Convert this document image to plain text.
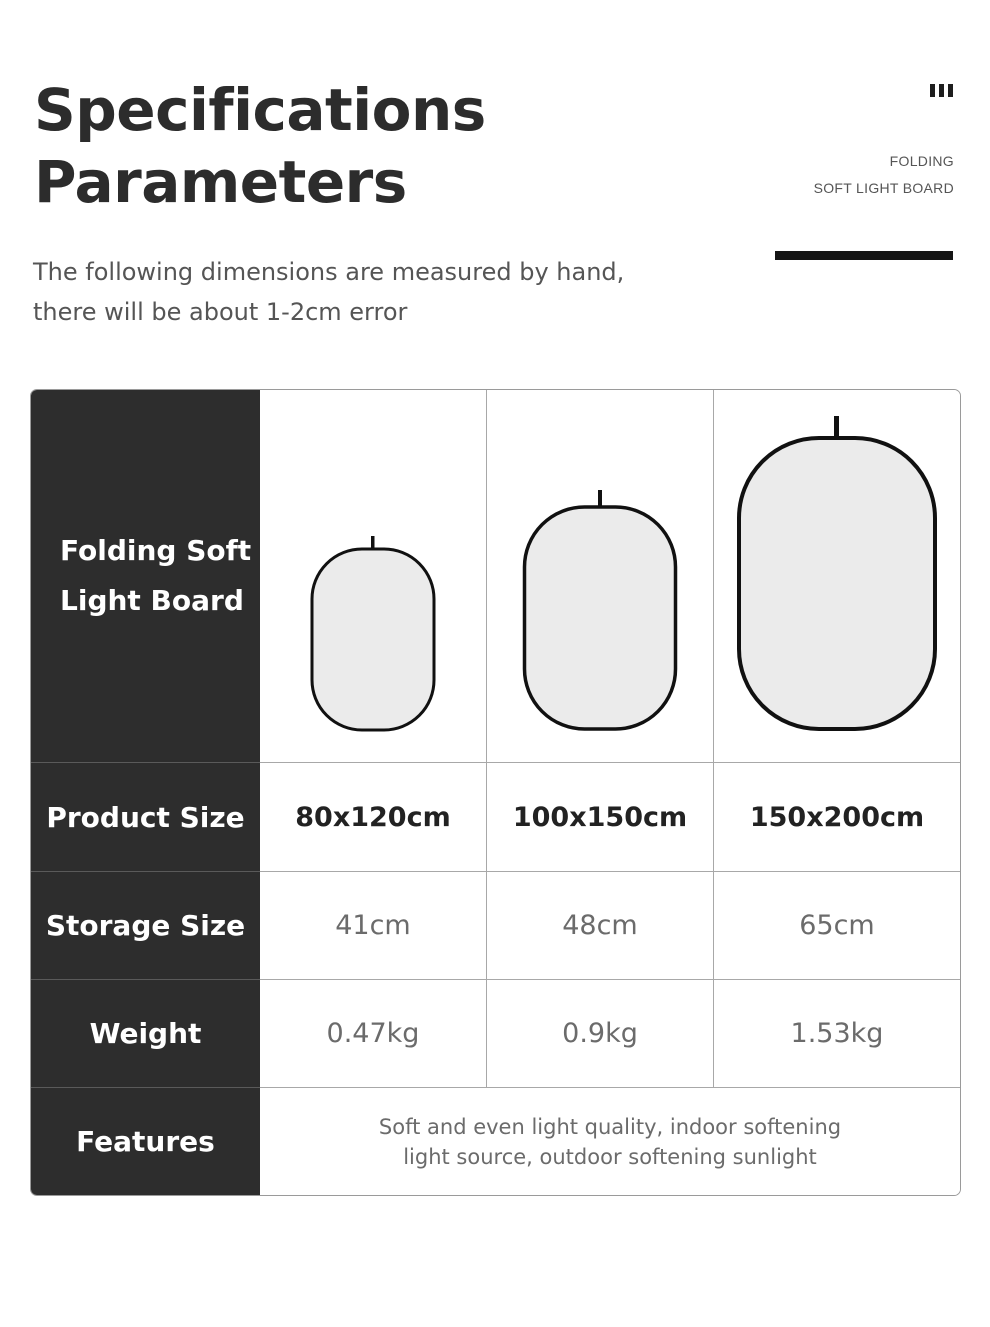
Specifications
Parameters

The following dimensions are measured by hand,
there will be about 1-2cm error

FOLDING
SOFT LIGHT BOARD
Folding Soft
Light Board
Product Size	80x120cm	100x150cm	150x200cm
Storage Size	41cm	48cm	65cm
Weight	0.47kg	0.9kg	1.53kg
Features	Soft and even light quality, indoor softening
light source, outdoor softening sunlight
